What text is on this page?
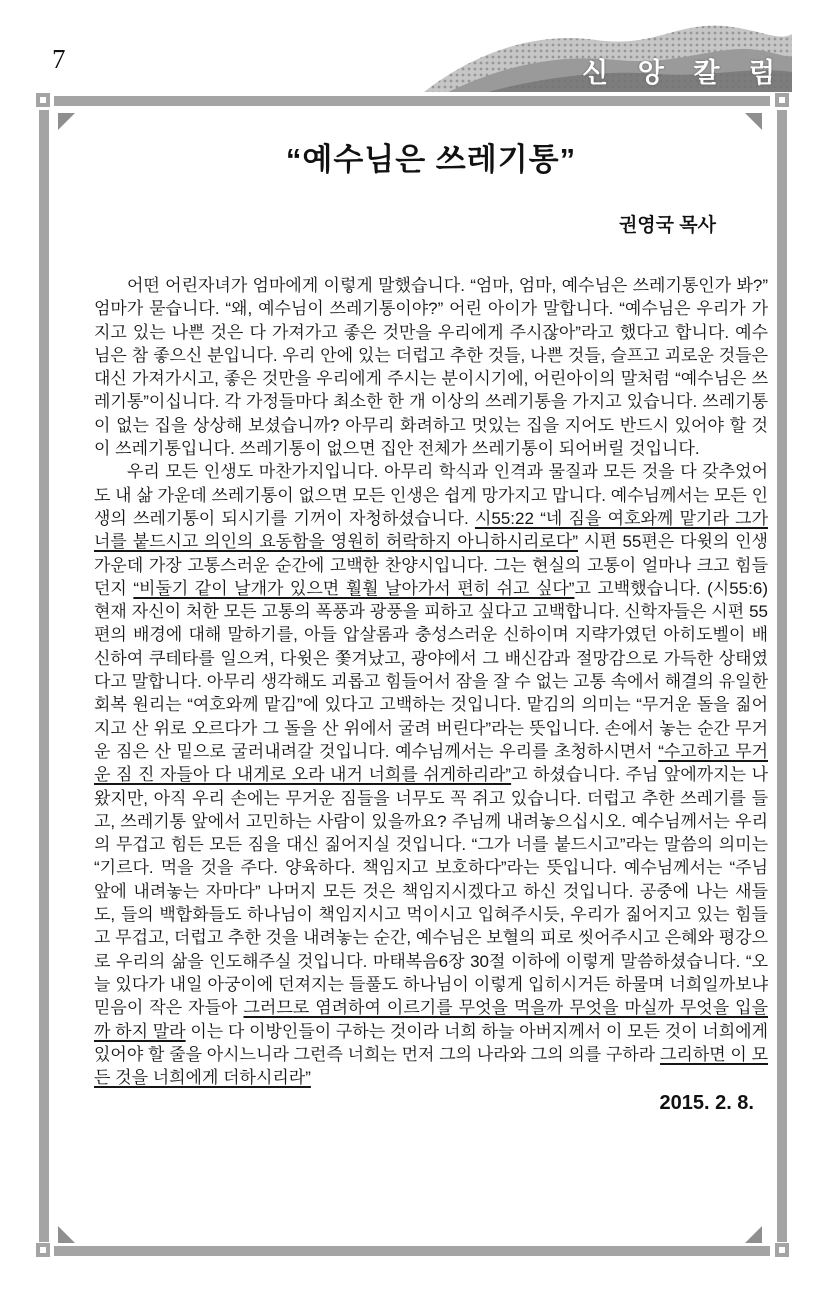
7	신 앙 칼 럼
“예수님은 쓰레기통”
권영국 목사

어떤 어린자녀가 엄마에게 이렇게 말했습니다. “엄마, 엄마, 예수님은 쓰레기통인가 봐?” 엄마가 묻습니다. “왜, 예수님이 쓰레기통이야?” 어린 아이가 말합니다. “예수님은 우리가 가지고 있는 나쁜 것은 다 가져가고 좋은 것만을 우리에게 주시잖아”라고 했다고 합니다. 예수님은 참 좋으신 분입니다. 우리 안에 있는 더럽고 추한 것들, 나쁜 것들, 슬프고 괴로운 것들은 대신 가져가시고, 좋은 것만을 우리에게 주시는 분이시기에, 어린아이의 말처럼 “예수님은 쓰레기통”이십니다. 각 가정들마다 최소한 한 개 이상의 쓰레기통을 가지고 있습니다. 쓰레기통이 없는 집을 상상해 보셨습니까? 아무리 화려하고 멋있는 집을 지어도 반드시 있어야 할 것이 쓰레기통입니다. 쓰레기통이 없으면 집안 전체가 쓰레기통이 되어버릴 것입니다.

우리 모든 인생도 마찬가지입니다. 아무리 학식과 인격과 물질과 모든 것을 다 갖추었어도 내 삶 가운데 쓰레기통이 없으면 모든 인생은 쉽게 망가지고 맙니다. 예수님께서는 모든 인생의 쓰레기통이 되시기를 기꺼이 자청하셨습니다. 시55:22 “네 짐을 여호와께 맡기라 그가 너를 붙드시고 의인의 요동함을 영원히 허락하지 아니하시리로다” 시편 55편은 다윗의 인생 가운데 가장 고통스러운 순간에 고백한 찬양시입니다. 그는 현실의 고통이 얼마나 크고 힘들던지 “비둘기 같이 날개가 있으면 훨훨 날아가서 편히 쉬고 싶다”고 고백했습니다. (시55:6) 현재 자신이 처한 모든 고통의 폭풍과 광풍을 피하고 싶다고 고백합니다. 신학자들은 시편 55편의 배경에 대해 말하기를, 아들 압살롬과 충성스러운 신하이며 지략가였던 아히도벨이 배신하여 쿠테타를 일으켜, 다윗은 쫓겨났고, 광야에서 그 배신감과 절망감으로 가득한 상태였다고 말합니다. 아무리 생각해도 괴롭고 힘들어서 잠을 잘 수 없는 고통 속에서 해결의 유일한 회복 원리는 “여호와께 맡김”에 있다고 고백하는 것입니다. 맡김의 의미는 “무거운 돌을 짊어지고 산 위로 오르다가 그 돌을 산 위에서 굴려 버린다”라는 뜻입니다. 손에서 놓는 순간 무거운 짐은 산 밑으로 굴러내려갈 것입니다. 예수님께서는 우리를 초청하시면서 “수고하고 무거운 짐 진 자들아 다 내게로 오라 내거 너희를 쉬게하리라”고 하셨습니다. 주님 앞에까지는 나왔지만, 아직 우리 손에는 무거운 짐들을 너무도 꼭 쥐고 있습니다. 더럽고 추한 쓰레기를 들고, 쓰레기통 앞에서 고민하는 사람이 있을까요? 주님께 내려놓으십시오. 예수님께서는 우리의 무겁고 힘든 모든 짐을 대신 짊어지실 것입니다. “그가 너를 붙드시고”라는 말씀의 의미는 “기르다. 먹을 것을 주다. 양육하다. 책임지고 보호하다”라는 뜻입니다. 예수님께서는 “주님 앞에 내려놓는 자마다” 나머지 모든 것은 책임지시겠다고 하신 것입니다. 공중에 나는 새들도, 들의 백합화들도 하나님이 책임지시고 먹이시고 입혀주시듯, 우리가 짊어지고 있는 힘들고 무겁고, 더럽고 추한 것을 내려놓는 순간, 예수님은 보혈의 피로 씻어주시고 은혜와 평강으로 우리의 삶을 인도해주실 것입니다. 마태복음6장 30절 이하에 이렇게 말씀하셨습니다. “오늘 있다가 내일 아궁이에 던져지는 들풀도 하나님이 이렇게 입히시거든 하물며 너희일까보냐 믿음이 작은 자들아 그러므로 염려하여 이르기를 무엇을 먹을까 무엇을 마실까 무엇을 입을까 하지 말라 이는 다 이방인들이 구하는 것이라 너희 하늘 아버지께서 이 모든 것이 너희에게 있어야 할 줄을 아시느니라 그런즉 너희는 먼저 그의 나라와 그의 의를 구하라 그리하면 이 모든 것을 너희에게 더하시리라”

2015. 2. 8.
